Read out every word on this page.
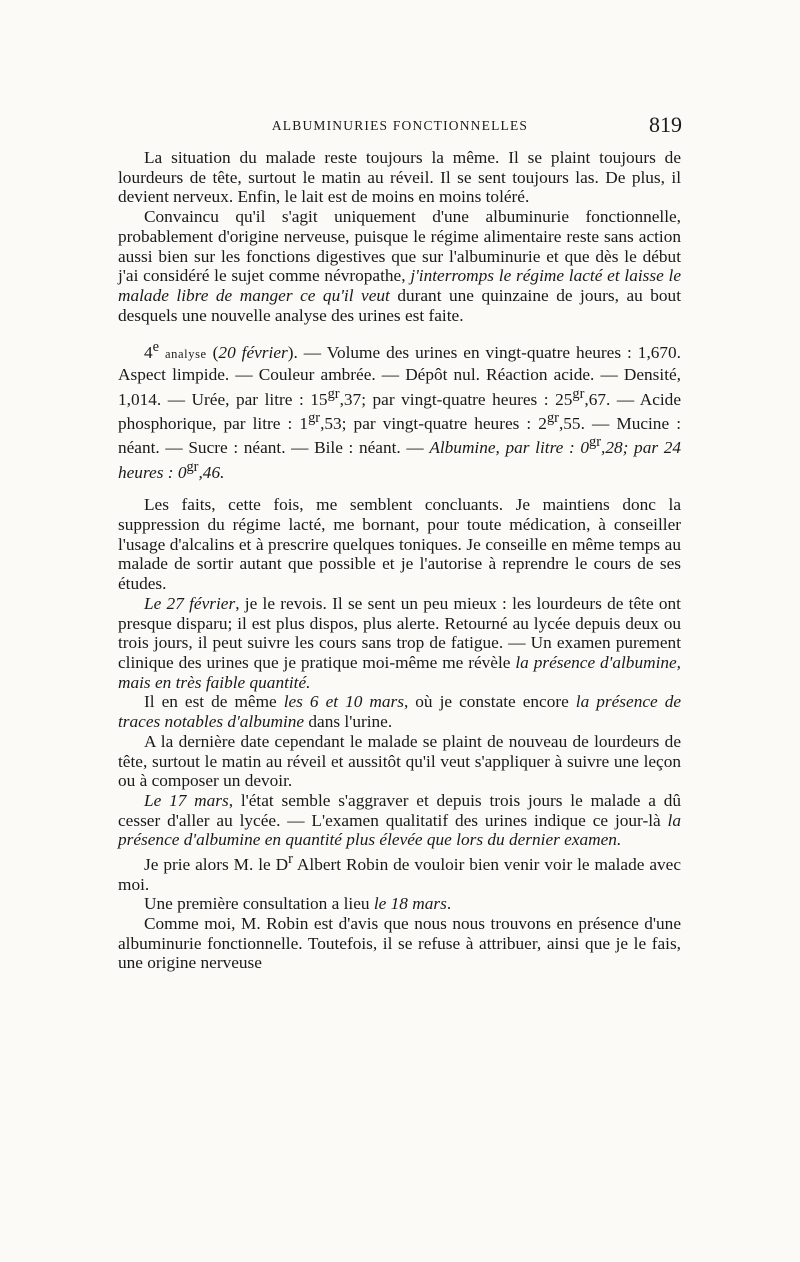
ALBUMINURIES FONCTIONNELLES	819

La situation du malade reste toujours la même. Il se plaint toujours de lourdeurs de tête, surtout le matin au réveil. Il se sent toujours las. De plus, il devient nerveux. Enfin, le lait est de moins en moins toléré.

Convaincu qu'il s'agit uniquement d'une albuminurie fonctionnelle, probablement d'origine nerveuse, puisque le régime alimentaire reste sans action aussi bien sur les fonctions digestives que sur l'albuminurie et que dès le début j'ai considéré le sujet comme névropathe, j'interromps le régime lacté et laisse le malade libre de manger ce qu'il veut durant une quinzaine de jours, au bout desquels une nouvelle analyse des urines est faite.

4e analyse (20 février). — Volume des urines en vingt-quatre heures : 1,670. Aspect limpide. — Couleur ambrée. — Dépôt nul. Réaction acide. — Densité, 1,014. — Urée, par litre : $15^{gr},37$; par vingt-quatre heures : $25^{gr},67$. — Acide phosphorique, par litre : $1^{gr},53$; par vingt-quatre heures : $2^{gr},55$. — Mucine : néant. — Sucre : néant. — Bile : néant. — Albumine, par litre : $0^{gr},28$; par 24 heures : $0^{gr},46$.

Les faits, cette fois, me semblent concluants. Je maintiens donc la suppression du régime lacté, me bornant, pour toute médication, à conseiller l'usage d'alcalins et à prescrire quelques toniques. Je conseille en même temps au malade de sortir autant que possible et je l'autorise à reprendre le cours de ses études.

Le 27 février, je le revois. Il se sent un peu mieux : les lourdeurs de tête ont presque disparu; il est plus dispos, plus alerte. Retourné au lycée depuis deux ou trois jours, il peut suivre les cours sans trop de fatigue. — Un examen purement clinique des urines que je pratique moi-même me révèle la présence d'albumine, mais en très faible quantité.

Il en est de même les 6 et 10 mars, où je constate encore la présence de traces notables d'albumine dans l'urine.

A la dernière date cependant le malade se plaint de nouveau de lourdeurs de tête, surtout le matin au réveil et aussitôt qu'il veut s'appliquer à suivre une leçon ou à composer un devoir.

Le 17 mars, l'état semble s'aggraver et depuis trois jours le malade a dû cesser d'aller au lycée. — L'examen qualitatif des urines indique ce jour-là la présence d'albumine en quantité plus élevée que lors du dernier examen.

Je prie alors M. le $D^r$ Albert Robin de vouloir bien venir voir le malade avec moi.

Une première consultation a lieu le 18 mars.

Comme moi, M. Robin est d'avis que nous nous trouvons en présence d'une albuminurie fonctionnelle. Toutefois, il se refuse à attribuer, ainsi que je le fais, une origine nerveuse
